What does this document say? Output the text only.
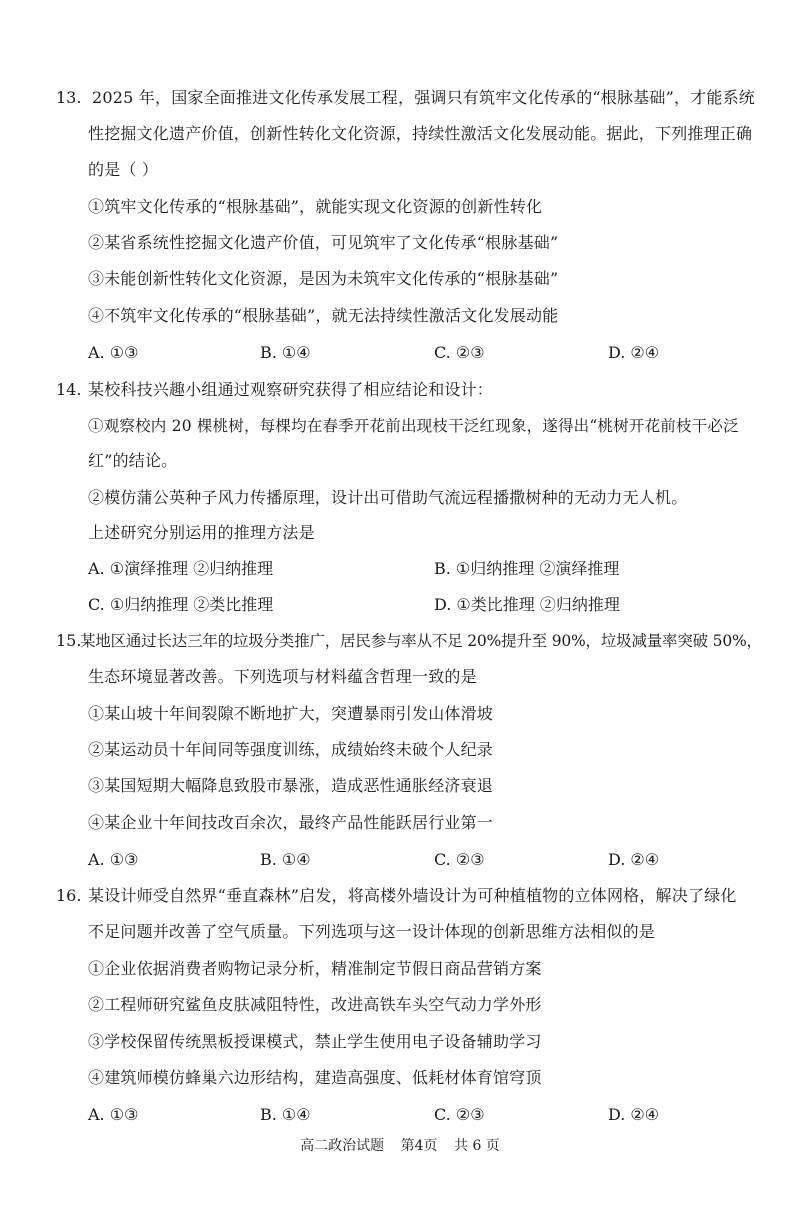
13. 2025 年，国家全面推进文化传承发展工程，强调只有筑牢文化传承的“根脉基础”，才能系统
性挖掘文化遗产价值，创新性转化文化资源，持续性激活文化发展动能。据此，下列推理正确
的是（ ）
①筑牢文化传承的“根脉基础”，就能实现文化资源的创新性转化
②某省系统性挖掘文化遗产价值，可见筑牢了文化传承“根脉基础”
③未能创新性转化文化资源，是因为未筑牢文化传承的“根脉基础”
④不筑牢文化传承的“根脉基础”，就无法持续性激活文化发展动能
A. ①③	B. ①④	C. ②③	D. ②④
14. 某校科技兴趣小组通过观察研究获得了相应结论和设计：
①观察校内 20 棵桃树，每棵均在春季开花前出现枝干泛红现象，遂得出“桃树开花前枝干必泛
红”的结论。
②模仿蒲公英种子风力传播原理，设计出可借助气流远程播撒树种的无动力无人机。
上述研究分别运用的推理方法是
A. ①演绎推理 ②归纳推理	B. ①归纳推理 ②演绎推理
C. ①归纳推理 ②类比推理	D. ①类比推理 ②归纳推理
15.
某地区通过长达三年的垃圾分类推广，居民参与率从不足 20%提升至 90%，垃圾减量率突破 50%，
生态环境显著改善。下列选项与材料蕴含哲理一致的是
①某山坡十年间裂隙不断地扩大，突遭暴雨引发山体滑坡
②某运动员十年间同等强度训练，成绩始终未破个人纪录
③某国短期大幅降息致股市暴涨，造成恶性通胀经济衰退
④某企业十年间技改百余次，最终产品性能跃居行业第一
A. ①③	B. ①④	C. ②③	D. ②④
16. 某设计师受自然界“垂直森林”启发，将高楼外墙设计为可种植植物的立体网格，解决了绿化
不足问题并改善了空气质量。下列选项与这一设计体现的创新思维方法相似的是
①企业依据消费者购物记录分析，精准制定节假日商品营销方案
②工程师研究鲨鱼皮肤减阻特性，改进高铁车头空气动力学外形
③学校保留传统黑板授课模式，禁止学生使用电子设备辅助学习
④建筑师模仿蜂巢六边形结构，建造高强度、低耗材体育馆穹顶
A. ①③	B. ①④	C. ②③	D. ②④
高二政治试题 第4页 共 6 页
